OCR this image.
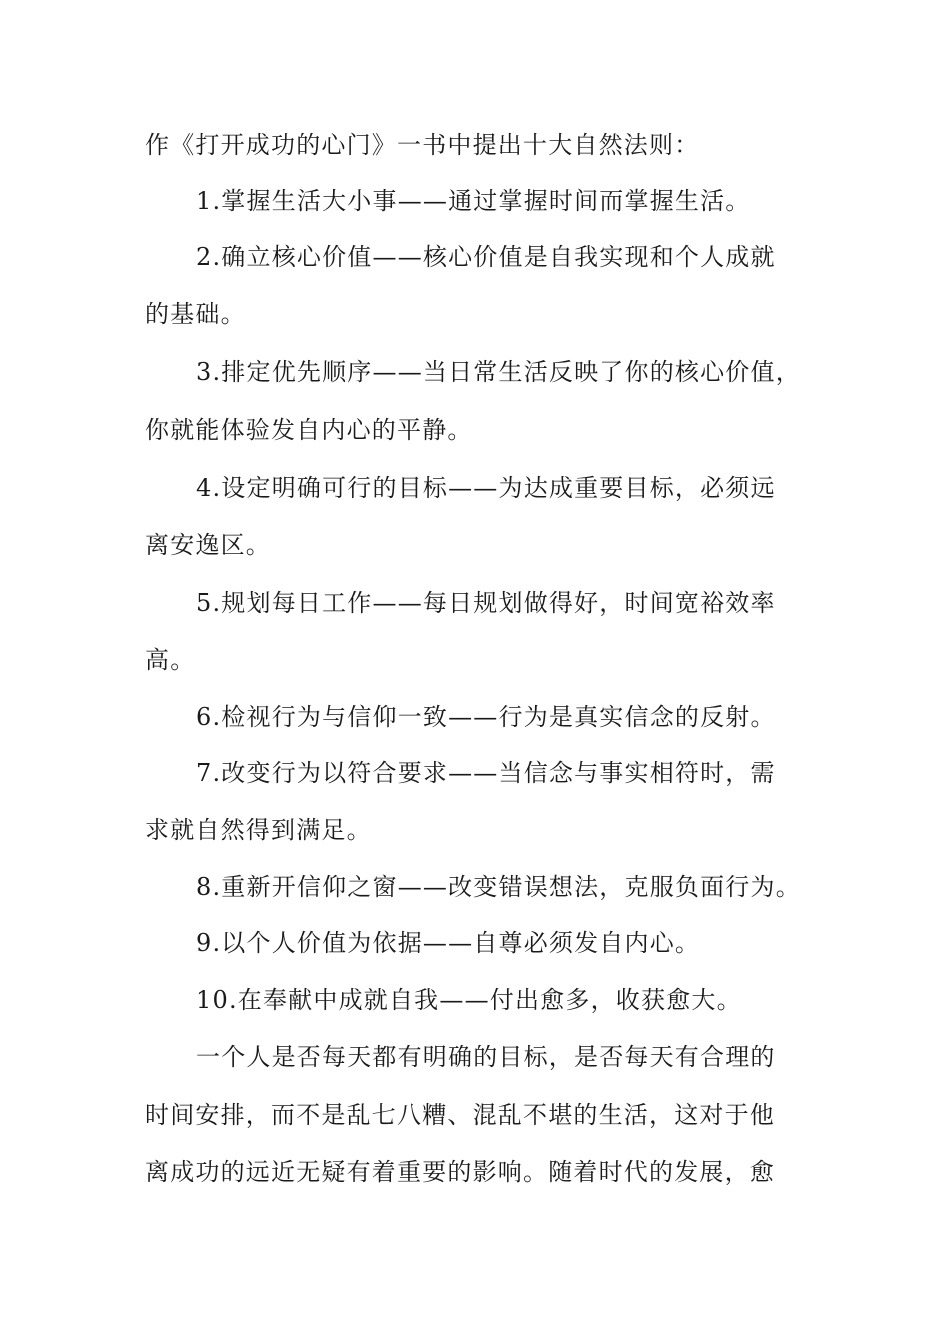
作《打开成功的心门》一书中提出十大自然法则：
1.掌握生活大小事——通过掌握时间而掌握生活。
2.确立核心价值——核心价值是自我实现和个人成就
的基础。
3.排定优先顺序——当日常生活反映了你的核心价值，
你就能体验发自内心的平静。
4.设定明确可行的目标——为达成重要目标，必须远
离安逸区。
5.规划每日工作——每日规划做得好，时间宽裕效率
高。
6.检视行为与信仰一致——行为是真实信念的反射。
7.改变行为以符合要求——当信念与事实相符时，需
求就自然得到满足。
8.重新开信仰之窗——改变错误想法，克服负面行为。
9.以个人价值为依据——自尊必须发自内心。
10.在奉献中成就自我——付出愈多，收获愈大。
一个人是否每天都有明确的目标，是否每天有合理的
时间安排，而不是乱七八糟、混乱不堪的生活，这对于他
离成功的远近无疑有着重要的影响。随着时代的发展，愈
